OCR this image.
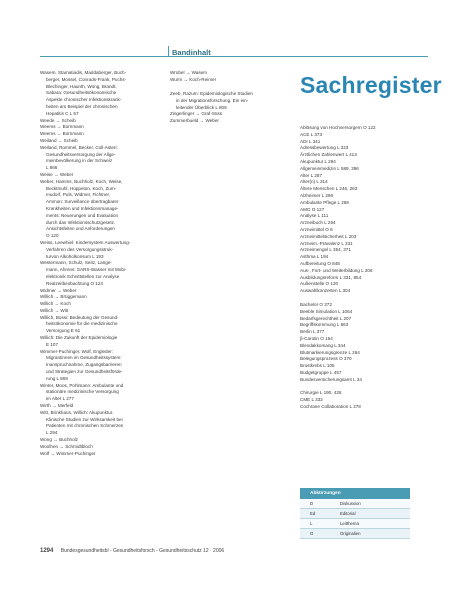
Bandinhalt
Sachregister
Wasem, Stamatiadis, Maddaberger, Buch-
berger, Mossel, Conrads-Frank, Puchs-
Blechinger, Haunth, Wong, Brandt,
Sabara: Gesundheitsökonomische
Aspekte chronischer Infektionskrank-
heiten am Beispiel der chronischen
Hepatitis C L 57
Weede → Scheib
Weems → Bornmann
Weems → Bornmann
Weiland → Scheib
Weiland, Rommel, Becker, Coll-Asteri:
Gesundheitsversorgung der Allge-
meinbevölkerung in der Schweiz
L 866
Weise → Weber
Weber, Hamms, Buchholz, Koch, Weise,
Becktmuhl, Hoppeton, Koch, Zum-
mudorf, Puls, Widmer, Fichtner,
Ammon: Surveillance übertragbarer
Krankheiten und Infektionsmanage-
ments: Neuerungen und Evaluation
durch das Infektionsschutzgesetz.
Ansichtsfeiten und Anforderungen
O 120
Weiss, Leewhiel: Kindersystem Auswertung-
Verfahren des Versorgungsstruk-
turvon Alkoholkonsum L 193
Westermann, Schulz, Seitz, Lange-
mann, Ahrens: SARS-Wasser mit Mobi-
elektronik Schnittstellen zur Analyse
Realzeitbeobachtung O 124
Widmer → Weber
Willich → Brüggemann
Willich → Koch
Willich → Witt
Willich, Bossi: Bedeutung der Gesund-
heitsökonomie für die medizinische
Versorgung E 61
Willich: Die Zukunft der Epidemiologie
E 107
Wimmer-Puchinger, Wolf, Engleder:
Migrantinnen im Gesundheitssystem:
Inanspruchnahme, Zugangsbarrieren
und Strategien zur Gesundheitsförde-
rung L 869
Winter, Moos, Pohlmann: Ambulante und
stationäre medizinische Versorgung
im Alter L 277
Wirth → Merfeld
Witt, Brinkhaus, Willich: Akupunktur.
Klinische Studien zur Wirksamkeit bei
Patienten mit chronischen Schmerzen
L 294
Wong → Buchholz
Woolhen → Schmidtbloch
Wolf → Wimmer-Puchinger
Wrobel → Wasem
Wurm → Koch-Reimer
Zeeb, Razum: Epidemiologische Studien
in der Migrationsforschung. Ein ein-
leitender Überblick L 809
Zingerlinger → Graf-Süss
Zummerbueld → Weber
Ablösung von Hochversorgern O 122
ACE L 373
ADI L 341
Adressbewertung L 323
Ärztlichen Zahlenwert L 413
Akupunktur L 294
Allgemeinmedizin L 589, 396
Alter L 287
Alter(n) L 314
Ältere Menschen L 246, 263
Alzheimer L 296
Ambulante Pflege L 269
AMG O 127
Analyse L 111
Arzneibuch L 294
Arzneimittel O 6
Arzneimittelsicherheit L 203
Arzneim.-Prävalenz L 331
Arzneimengel L 354, 371
Asthma L 194
Aufbereitung O 848
Aus-, Fort- und Weiterbildung L 206
Ausbildungsreform L 331, 854
Außenstelle O 120
Auswahlkonzerten L 304
Bachelor O 372
Beeble Simulation L 1064
Bedarfsgerechtheit L 207
Begriffskommung L 863
Berlin L 377
β-Carotin O 154
Blendakkomang L 344
Blutmarkierungsgrenze L 264
Belegungsprozess O 370
Brustkrebs L 105
Budgetgruppe L 457
Bundesversicherungsamt L 34
Chirurgie L 190, 426
CME L 332
Cochrane Collaboration L 278
Abkürzungen
D	Diskussion
Ed	Editorial
L	Leitthema
O	Originalien
1294 Bundesgesundheitsbl - Gesundheitsforsch - Gesundheitsschutz 12 · 2006
